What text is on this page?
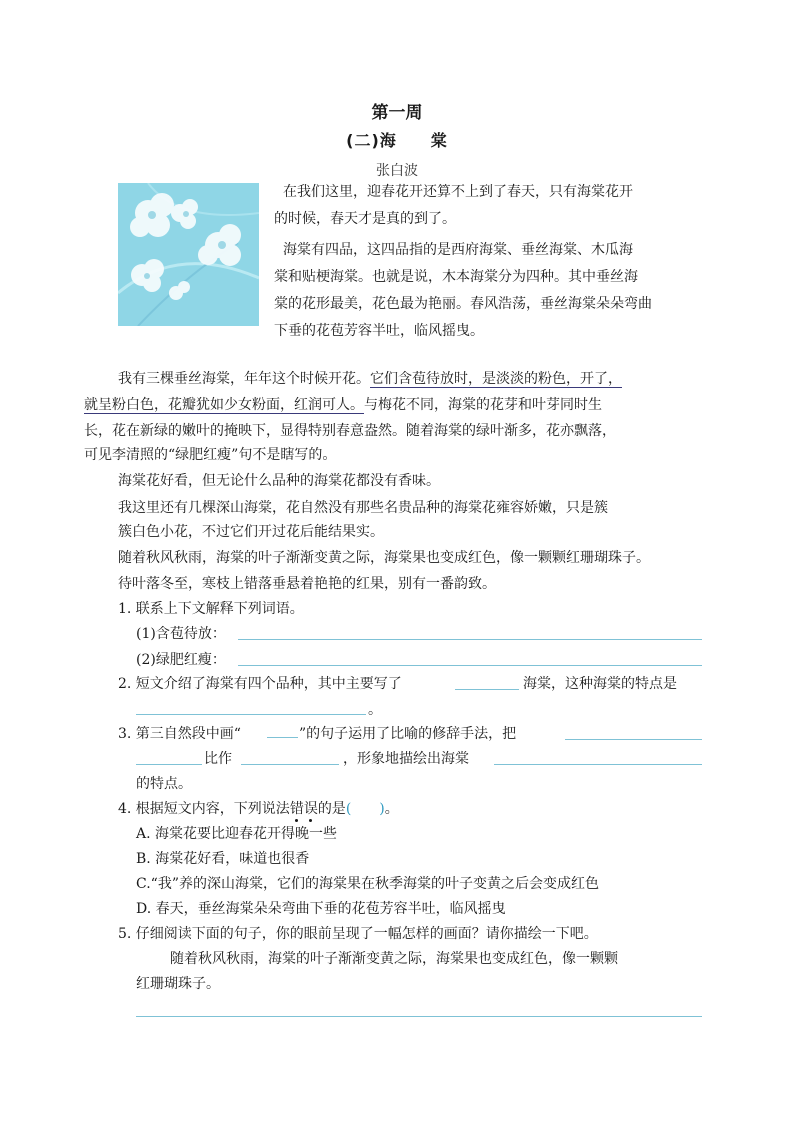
第一周
(二)海　　棠
张白波
在我们这里，迎春花开还算不上到了春天，只有海棠花开
的时候，春天才是真的到了。
海棠有四品，这四品指的是西府海棠、垂丝海棠、木瓜海
棠和贴梗海棠。也就是说，木本海棠分为四种。其中垂丝海
棠的花形最美，花色最为艳丽。春风浩荡，垂丝海棠朵朵弯曲
下垂的花苞芳容半吐，临风摇曳。
我有三棵垂丝海棠，年年这个时候开花。它们含苞待放时，是淡淡的粉色，开了，
就呈粉白色，花瓣犹如少女粉面，红润可人。与梅花不同，海棠的花芽和叶芽同时生
长，花在新绿的嫩叶的掩映下，显得特别春意盎然。随着海棠的绿叶渐多，花亦飘落，
可见李清照的“绿肥红瘦”句不是瞎写的。
海棠花好看，但无论什么品种的海棠花都没有香味。
我这里还有几棵深山海棠，花自然没有那些名贵品种的海棠花雍容娇嫩，只是簇
簇白色小花，不过它们开过花后能结果实。
随着秋风秋雨，海棠的叶子渐渐变黄之际，海棠果也变成红色，像一颗颗红珊瑚珠子。
待叶落冬至，寒枝上错落垂悬着艳艳的红果，别有一番韵致。
1. 联系上下文解释下列词语。
(1)含苞待放：
(2)绿肥红瘦：
2. 短文介绍了海棠有四个品种，其中主要写了	海棠，这种海棠的特点是
。
3. 第三自然段中画“	”的句子运用了比喻的修辞手法，把
比作	，形象地描绘出海棠
的特点。
4. 根据短文内容，下列说法错误的是(　　)。
A. 海棠花要比迎春花开得晚一些
B. 海棠花好看，味道也很香
C.“我”养的深山海棠，它们的海棠果在秋季海棠的叶子变黄之后会变成红色
D. 春天，垂丝海棠朵朵弯曲下垂的花苞芳容半吐，临风摇曳
5. 仔细阅读下面的句子，你的眼前呈现了一幅怎样的画面？请你描绘一下吧。
随着秋风秋雨，海棠的叶子渐渐变黄之际，海棠果也变成红色，像一颗颗
红珊瑚珠子。
